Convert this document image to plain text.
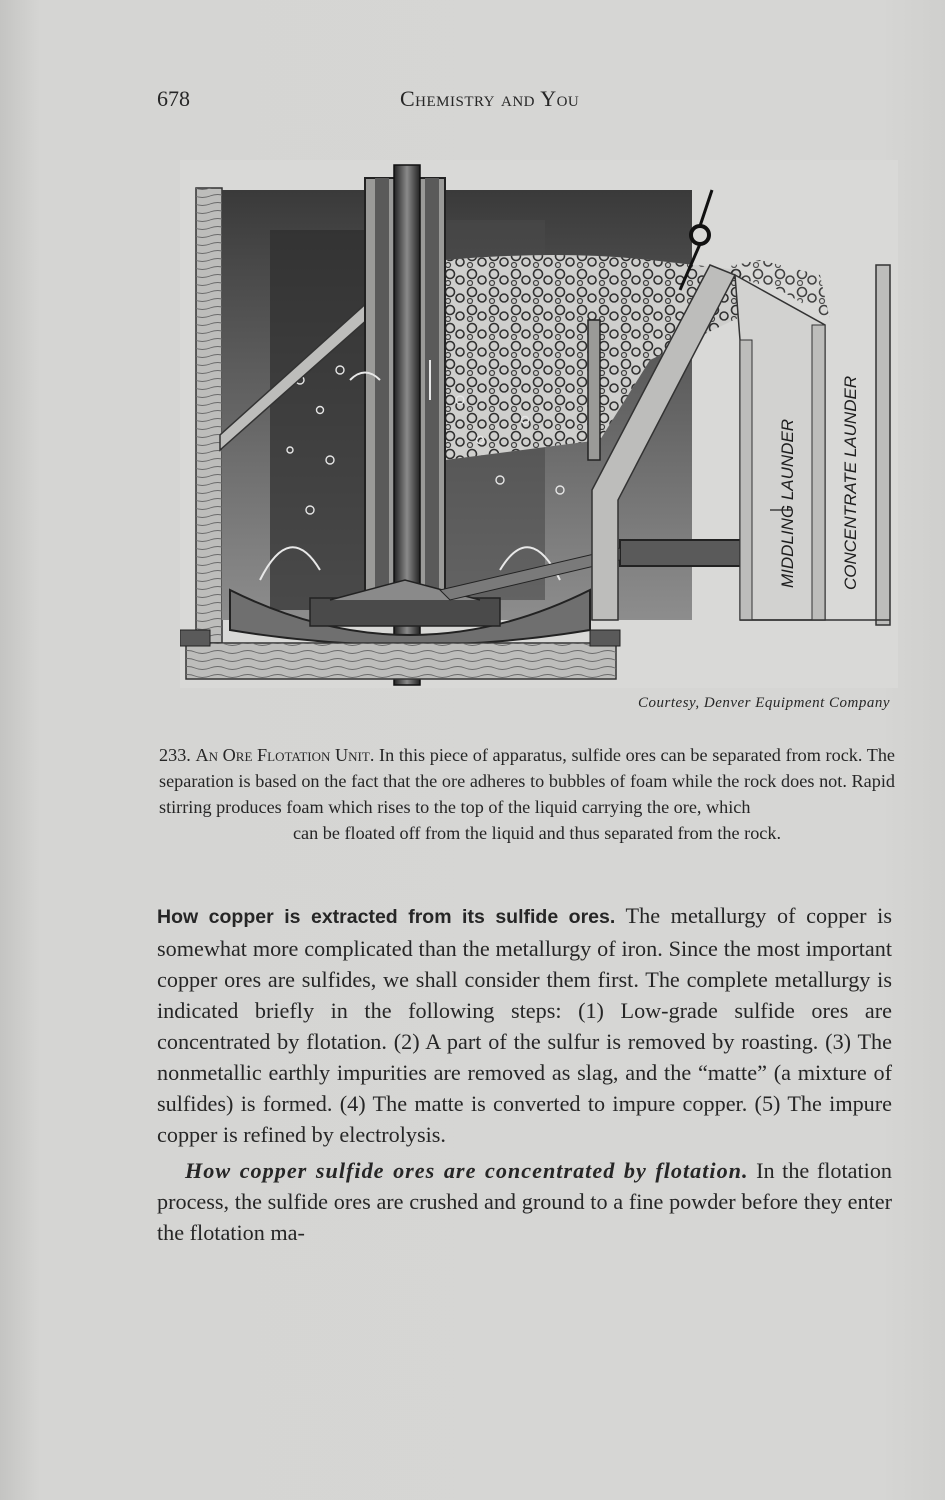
678	Chemistry and You
MIDDLING LAUNDER	CONCENTRATE LAUNDER
Courtesy, Denver Equipment Company

233. An Ore Flotation Unit. In this piece of apparatus, sulfide ores can be separated from rock. The separation is based on the fact that the ore adheres to bubbles of foam while the rock does not. Rapid stirring produces foam which rises to the top of the liquid carrying the ore, which

can be floated off from the liquid and thus separated from the rock.

How copper is extracted from its sulfide ores. The metallurgy of copper is somewhat more complicated than the metallurgy of iron. Since the most important copper ores are sulfides, we shall consider them first. The complete metallurgy is indicated briefly in the following steps: (1) Low-grade sulfide ores are concentrated by flotation. (2) A part of the sulfur is removed by roasting. (3) The nonmetallic earthly impurities are removed as slag, and the “matte” (a mixture of sulfides) is formed. (4) The matte is converted to impure copper. (5) The impure copper is refined by electrolysis.

How copper sulfide ores are concentrated by flotation. In the flotation process, the sulfide ores are crushed and ground to a fine powder before they enter the flotation ma-
